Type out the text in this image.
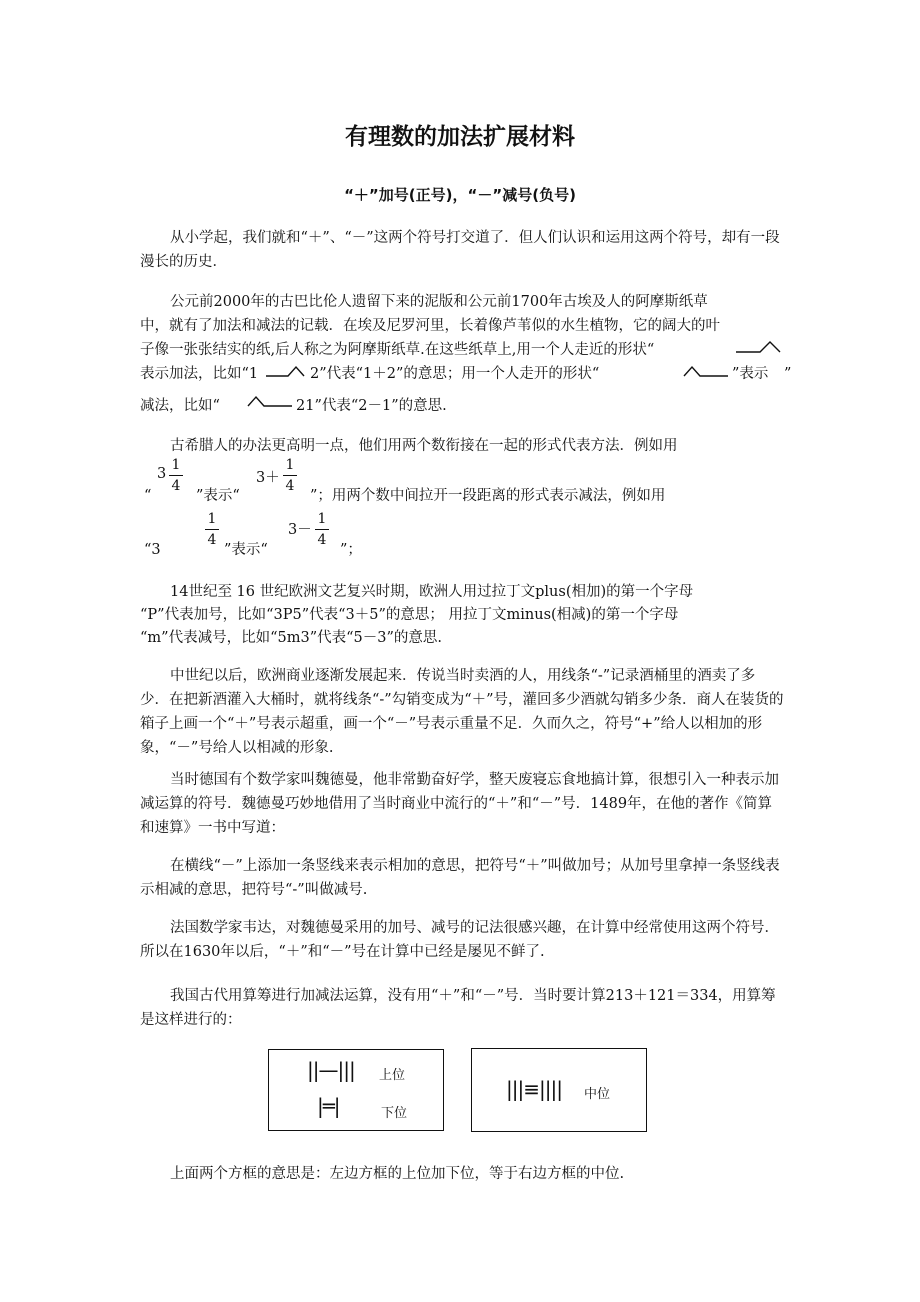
有理数的加法扩展材料
“＋”加号(正号)，“－”减号(负号)

从小学起，我们就和“＋”、“－”这两个符号打交道了．但人们认识和运用这两个符号，却有一段漫长的历史．

公元前2000年的古巴比伦人遗留下来的泥版和公元前1700年古埃及人的阿摩斯纸草
中，就有了加法和减法的记载．在埃及尼罗河里，长着像芦苇似的水生植物，它的阔大的叶
子像一张张结实的纸,后人称之为阿摩斯纸草.在这些纸草上,用一个人走近的形状“
”
表示加法，比如“1	2”代表“1＋2”的意思；用一个人走开的形状“	”表示
减法，比如“	21”代表“2－1”的意思.
古希腊人的办法更高明一点，他们用两个数衔接在一起的形式代表方法．例如用
3
1
4	3＋
1
4
“	”表示“	”；用两个数中间拉开一段距离的形式表示减法，例如用
1
4
3－
1
4
“3	”表示“	”；
14世纪至 16 世纪欧洲文艺复兴时期，欧洲人用过拉丁文plus(相加)的第一个字母
“P”代表加号，比如“3P5”代表“3＋5”的意思； 用拉丁文minus(相减)的第一个字母
“m”代表减号，比如“5m3”代表“5－3”的意思.

中世纪以后，欧洲商业逐渐发展起来．传说当时卖酒的人，用线条“-”记录酒桶里的酒卖了多少．在把新酒灌入大桶时，就将线条“-”勾销变成为“＋”号，灌回多少酒就勾销多少条．商人在装货的箱子上画一个“＋”号表示超重，画一个“－”号表示重量不足．久而久之，符号“+”给人以相加的形象，“－”号给人以相减的形象.

当时德国有个数学家叫魏德曼，他非常勤奋好学，整天废寝忘食地搞计算，很想引入一种表示加减运算的符号．魏德曼巧妙地借用了当时商业中流行的“＋”和“－”号．1489年，在他的著作《简算和速算》一书中写道：

在横线“－”上添加一条竖线来表示相加的意思，把符号“＋”叫做加号；从加号里拿掉一条竖线表示相减的意思，把符号“-”叫做减号.

法国数学家韦达，对魏德曼采用的加号、减号的记法很感兴趣，在计算中经常使用这两个符号．所以在1630年以后，“＋”和“－”号在计算中已经是屡见不鲜了.

我国古代用算筹进行加减法运算，没有用“＋”和“－”号．当时要计算213＋121＝334，用算筹是这样进行的：

||—||| 上位
|═|	下位
|||≡|||| 中位

上面两个方框的意思是：左边方框的上位加下位，等于右边方框的中位.
